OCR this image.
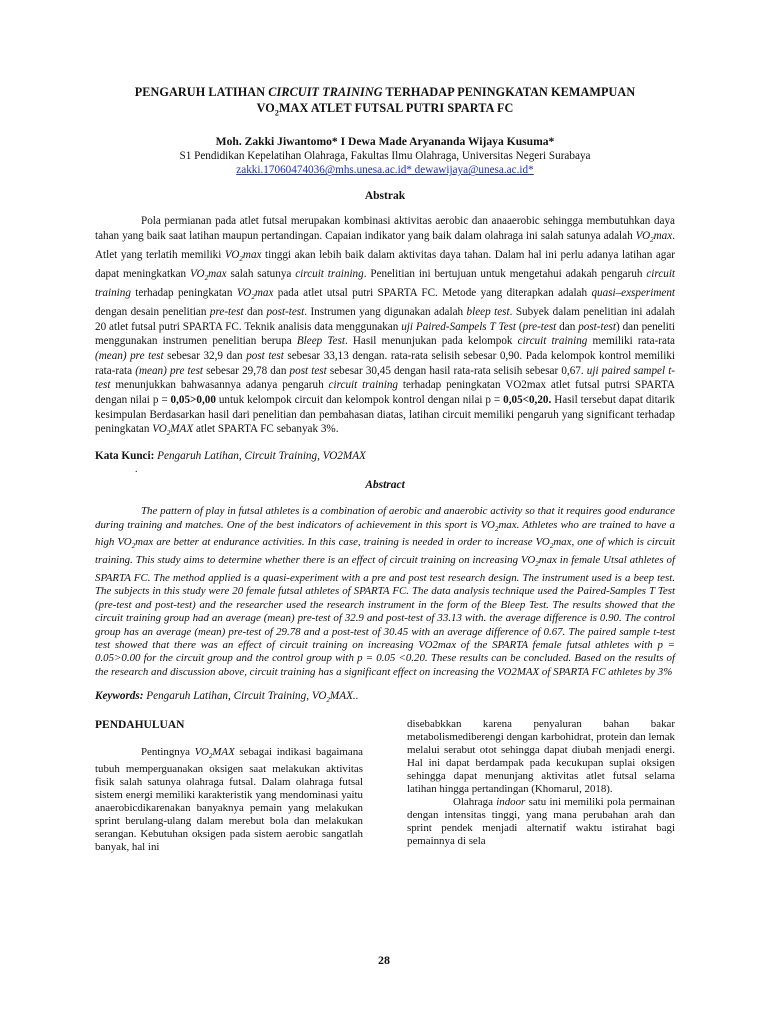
PENGARUH LATIHAN CIRCUIT TRAINING TERHADAP PENINGKATAN KEMAMPUAN
$VO_2MAX$ ATLET FUTSAL PUTRI SPARTA FC
Moh. Zakki Jiwantomo* I Dewa Made Aryananda Wijaya Kusuma*
S1 Pendidikan Kepelatihan Olahraga, Fakultas Ilmu Olahraga, Universitas Negeri Surabaya
zakki.17060474036@mhs.unesa.ac.id* dewawijaya@unesa.ac.id*
Abstrak
Pola permianan pada atlet futsal merupakan kombinasi aktivitas aerobic dan anaaerobic sehingga membutuhkan daya tahan yang baik saat latihan maupun pertandingan. Capaian indikator yang baik dalam olahraga ini salah satunya adalah $VO_2\max$. Atlet yang terlatih memiliki $VO_2\max$ tinggi akan lebih baik dalam aktivitas daya tahan. Dalam hal ini perlu adanya latihan agar dapat meningkatkan $VO_2\max$ salah satunya circuit training. Penelitian ini bertujuan untuk mengetahui adakah pengaruh circuit training terhadap peningkatan $VO_2\max$ pada atlet utsal putri SPARTA FC. Metode yang diterapkan adalah quasi–exsperiment dengan desain penelitian pre-test dan post-test. Instrumen yang digunakan adalah bleep test. Subyek dalam penelitian ini adalah 20 atlet futsal putri SPARTA FC. Teknik analisis data menggunakan uji Paired-Sampels T Test (pre-test dan post-test) dan peneliti menggunakan instrumen penelitian berupa Bleep Test. Hasil menunjukan pada kelompok circuit training memiliki rata-rata (mean) pre test sebesar 32,9 dan post test sebesar 33,13 dengan. rata-rata selisih sebesar 0,90. Pada kelompok kontrol memiliki rata-rata (mean) pre test sebesar 29,78 dan post test sebesar 30,45 dengan hasil rata-rata selisih sebesar 0,67. uji paired sampel t-test menunjukkan bahwasannya adanya pengaruh circuit training terhadap peningkatan VO2max atlet futsal putrsi SPARTA dengan nilai p = 0,05>0,00 untuk kelompok circuit dan kelompok kontrol dengan nilai p = 0,05<0,20. Hasil tersebut dapat ditarik kesimpulan Berdasarkan hasil dari penelitian dan pembahasan diatas, latihan circuit memiliki pengaruh yang significant terhadap peningkatan $VO_2MAX$ atlet SPARTA FC sebanyak 3%.
Kata Kunci: Pengaruh Latihan, Circuit Training, VO2MAX
.
Abstract
The pattern of play in futsal athletes is a combination of aerobic and anaerobic activity so that it requires good endurance during training and matches. One of the best indicators of achievement in this sport is $VO_2\max$. Athletes who are trained to have a high $VO_2\max$ are better at endurance activities. In this case, training is needed in order to increase $VO_2\max$, one of which is circuit training. This study aims to determine whether there is an effect of circuit training on increasing $VO_2\max$ in female Utsal athletes of SPARTA FC. The method applied is a quasi-experiment with a pre and post test research design. The instrument used is a beep test. The subjects in this study were 20 female futsal athletes of SPARTA FC. The data analysis technique used the Paired-Samples T Test (pre-test and post-test) and the researcher used the research instrument in the form of the Bleep Test. The results showed that the circuit training group had an average (mean) pre-test of 32.9 and post-test of 33.13 with. the average difference is 0.90. The control group has an average (mean) pre-test of 29.78 and a post-test of 30.45 with an average difference of 0.67. The paired sample t-test test showed that there was an effect of circuit training on increasing VO2max of the SPARTA female futsal athletes with p = 0.05>0.00 for the circuit group and the control group with p = 0.05 <0.20. These results can be concluded. Based on the results of the research and discussion above, circuit training has a significant effect on increasing the VO2MAX of SPARTA FC athletes by 3%
Keywords: Pengaruh Latihan, Circuit Training, $VO_2MAX$..
PENDAHULUAN

Pentingnya $VO_2MAX$ sebagai indikasi bagaimana tubuh memperguanakan oksigen saat melakukan aktivitas fisik salah satunya olahraga futsal. Dalam olahraga futsal sistem energi memiliki karakteristik yang mendominasi yaitu anaerobicdikarenakan banyaknya pemain yang melakukan sprint berulang-ulang dalam merebut bola dan melakukan serangan. Kebutuhan oksigen pada sistem aerobic sangatlah banyak, hal ini

disebabkkan karena penyaluran bahan bakar metabolismediberengi dengan karbohidrat, protein dan lemak melalui serabut otot sehingga dapat diubah menjadi energi. Hal ini dapat berdampak pada kecukupan suplai oksigen sehingga dapat menunjang aktivitas atlet futsal selama latihan hingga pertandingan (Khomarul, 2018).

Olahraga indoor satu ini memiliki pola permainan dengan intensitas tinggi, yang mana perubahan arah dan sprint pendek menjadi alternatif waktu istirahat bagi pemainnya di sela

28
